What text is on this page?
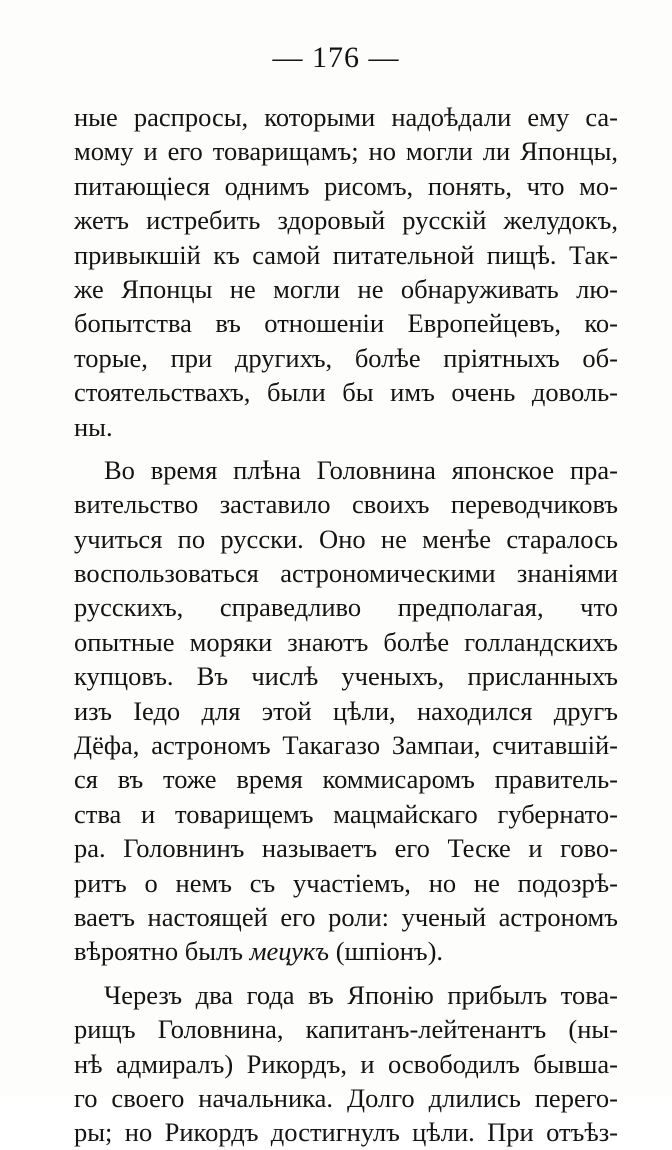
— 176 —
ные распросы, которыми надоѣдали ему са-
мому и его товарищамъ; но могли ли Японцы,
питающіеся однимъ рисомъ, понять, что мо-
жетъ истребить здоровый русскій желудокъ,
привыкшій къ самой питательной пищѣ. Так-
же Японцы не могли не обнаруживать лю-
бопытства въ отношеніи Европейцевъ, ко-
торые, при другихъ, болѣе пріятныхъ об-
стоятельствахъ, были бы имъ очень доволь-
ны.
Во время плѣна Головнина японское пра-
вительство заставило своихъ переводчиковъ
учиться по русски. Оно не менѣе старалось
воспользоваться астрономическими знаніями
русскихъ, справедливо предполагая, что
опытные моряки знаютъ болѣе голландскихъ
купцовъ. Въ числѣ ученыхъ, присланныхъ
изъ Іедо для этой цѣли, находился другъ
Дёфа, астрономъ Такагазо Зампаи, считавшій-
ся въ тоже время коммисаромъ правитель-
ства и товарищемъ мацмайскаго губернато-
ра. Головнинъ называетъ его Теске и гово-
ритъ о немъ съ участіемъ, но не подозрѣ-
ваетъ настоящей его роли: ученый астрономъ
вѣроятно былъ мецукъ (шпіонъ).
Черезъ два года въ Японію прибылъ това-
рищъ Головнина, капитанъ-лейтенантъ (ны-
нѣ адмиралъ) Рикордъ, и освободилъ бывша-
го своего начальника. Долго длились перего-
ры; но Рикордъ достигнулъ цѣли. При отъѣз-
